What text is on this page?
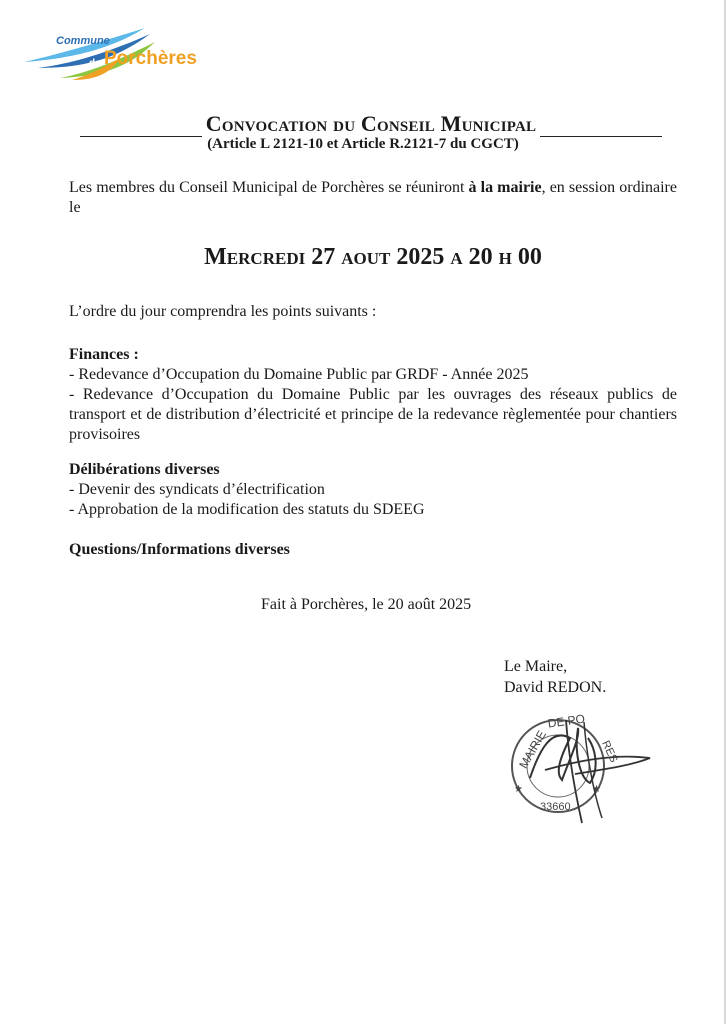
Commune
de Porchères
Convocation du Conseil Municipal
(Article L 2121-10 et Article R.2121-7 du CGCT)
Les membres du Conseil Municipal de Porchères se réuniront à la mairie, en session ordinaire le
Mercredi 27 aout 2025 a 20 h 00
L’ordre du jour comprendra les points suivants :
Finances :
- Redevance d’Occupation du Domaine Public par GRDF - Année 2025
- Redevance d’Occupation du Domaine Public par les ouvrages des réseaux publics de transport et de distribution d’électricité et principe de la redevance règlementée pour chantiers provisoires
Délibérations diverses
- Devenir des syndicats d’électrification
- Approbation de la modification des statuts du SDEEG
Questions/Informations diverses
Fait à Porchères, le 20 août 2025
Le Maire,
David REDON.
MAIRIE
DE PO
RES
33660
★	★
